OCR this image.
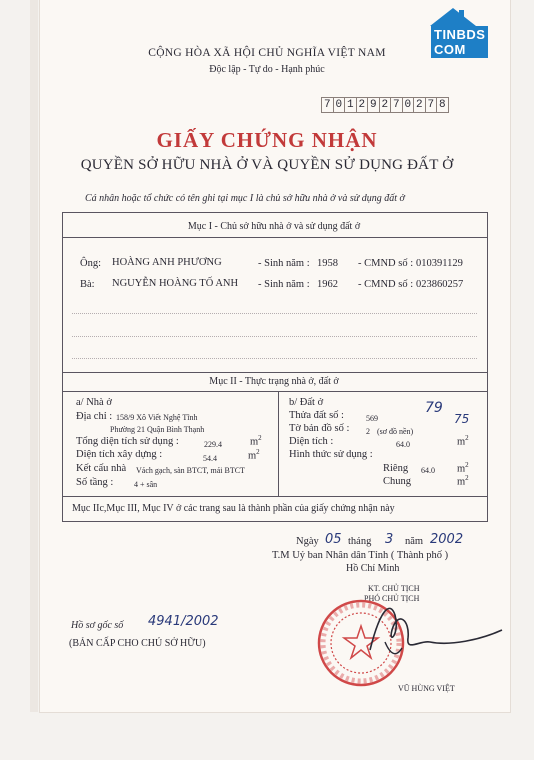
TINBDS
COM
CỘNG HÒA XÃ HỘI CHỦ NGHĨA VIỆT NAM
Độc lập - Tự do - Hạnh phúc
7 0 1 2 9 2 7 0 2 7 8
GIẤY CHỨNG NHẬN
QUYỀN SỞ HỮU NHÀ Ở VÀ QUYỀN SỬ DỤNG ĐẤT Ở
Cá nhân hoặc tổ chức có tên ghi tại mục I là chủ sở hữu nhà ở và sử dụng đất ở
Mục I - Chủ sở hữu nhà ở và sử dụng đất ở
Ông: HOÀNG ANH PHƯƠNG	- Sinh năm : 1958 - CMND số : 010391129
Bà: NGUYỄN HOÀNG TỐ ANH - Sinh năm : 1962 - CMND số : 023860257
Mục II - Thực trạng nhà ở, đất ở
a/ Nhà ở
Địa chỉ : 158/9 Xô Viết Nghệ Tĩnh
Phường 21 Quận Bình Thạnh
Tổng diện tích sử dụng :	229.4	$m^2$
Diện tích xây dựng :	54.4	$m^2$
Kết cấu nhà Vách gạch, sàn BTCT, mái BTCT
Số tầng :	4 + sân
b/ Đất ở
Thửa đất số :	569
79
Tờ bản đồ số : 2 (sơ đồ nền)
75
Diện tích :	64.0	$m^2$
Hình thức sử dụng :
Riêng 64.0 $m^2$
Chung	$m^2$
Mục IIc,Mục III, Mục IV ở các trang sau là thành phần của giấy chứng nhận này
Ngày 05 tháng 3 năm 2002
T.M Uỷ ban Nhân dân Tỉnh ( Thành phố )
Hồ Chí Minh
KT. CHỦ TỊCH
PHÓ CHỦ TỊCH
Hồ sơ gốc số 4941/2002
(BẢN CẤP CHO CHỦ SỞ HỮU)
VŨ HÙNG VIỆT
